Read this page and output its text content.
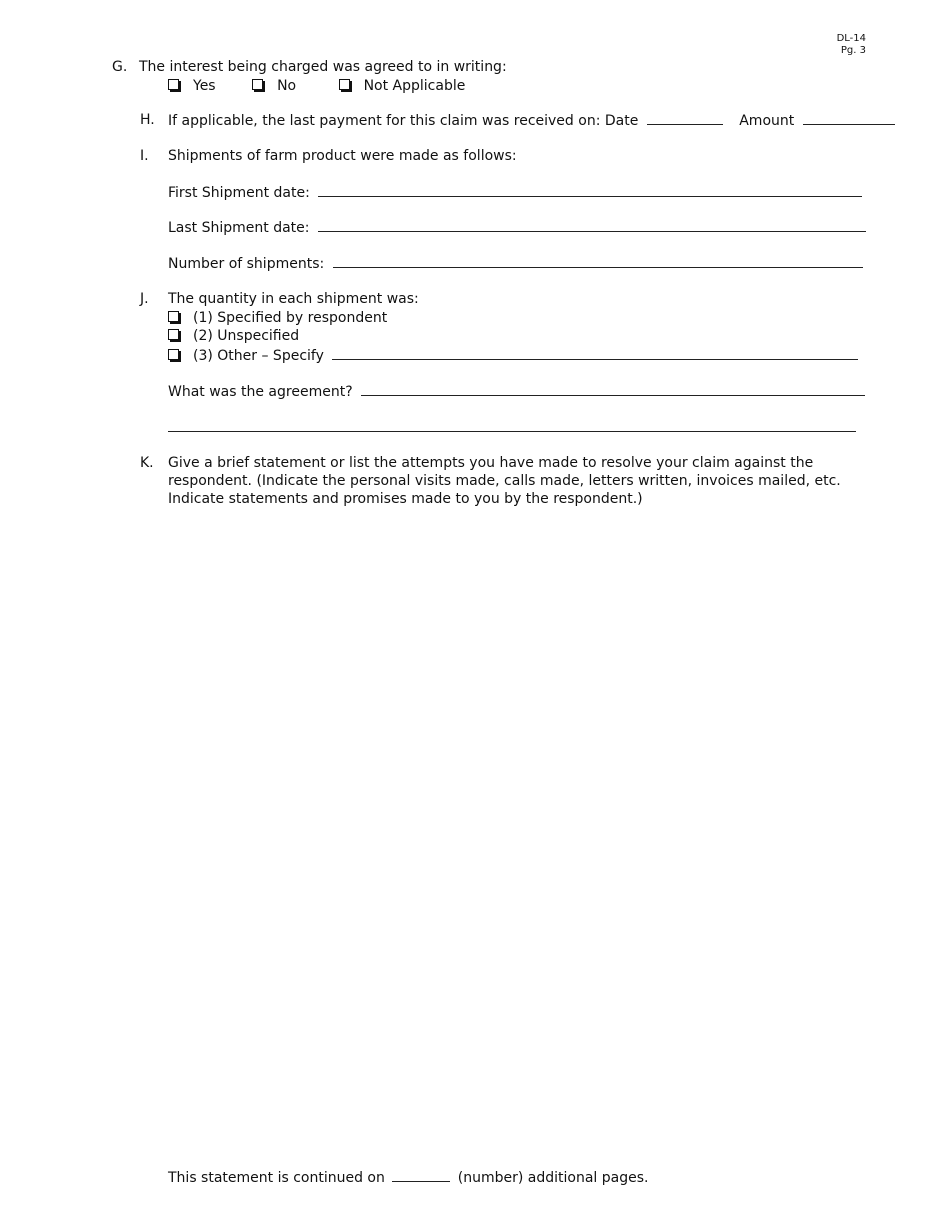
DL-14
Pg. 3
G. The interest being charged was agreed to in writing:
Yes	No	Not Applicable
H. If applicable, the last payment for this claim was received on: Date	Amount
I. Shipments of farm product were made as follows:
First Shipment date:
Last Shipment date:
Number of shipments:
J. The quantity in each shipment was:
(1) Specified by respondent
(2) Unspecified
(3) Other – Specify
What was the agreement?
K. Give a brief statement or list the attempts you have made to resolve your claim against the respondent. (Indicate the personal visits made, calls made, letters written, invoices mailed, etc. Indicate statements and promises made to you by the respondent.)
This statement is continued on	(number) additional pages.
